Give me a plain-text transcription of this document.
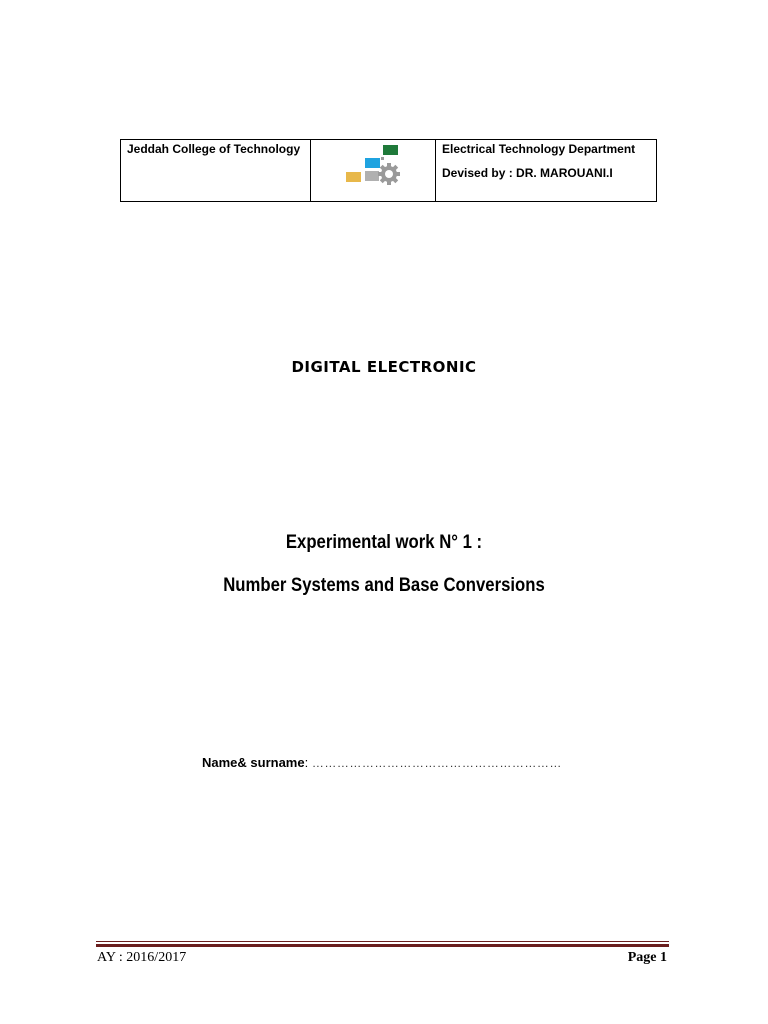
Jeddah College of Technology		Electrical Technology Department
Devised by : DR. MAROUANI.I
DIGITAL ELECTRONIC
Experimental work N° 1 :
Number Systems and Base Conversions
Name& surname: ……………………………………………………
AY : 2016/2017	Page 1
